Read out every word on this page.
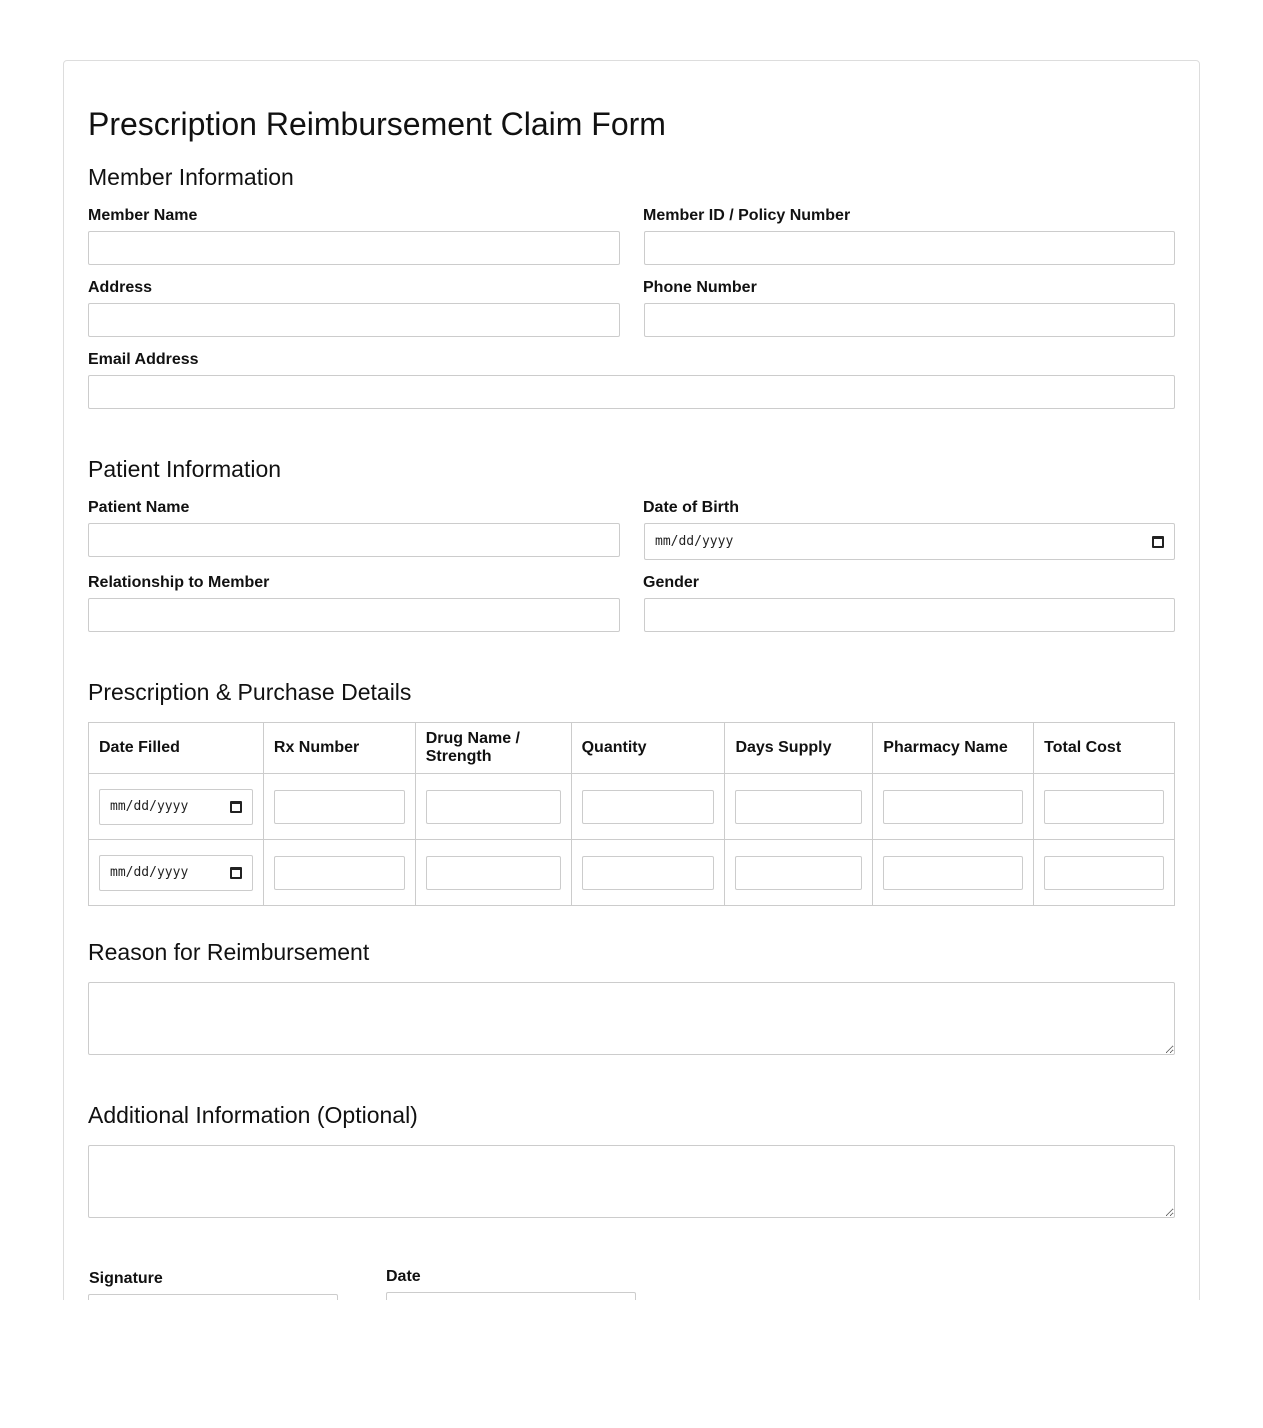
Prescription Reimbursement Claim Form
Member Information
Member Name	Member ID / Policy Number
Address	Phone Number
Email Address
Patient Information
Patient Name	Date of Birth
mm/dd/yyyy
Relationship to Member	Gender
Prescription & Purchase Details
Date Filled	Rx Number	Drug Name / Strength	Quantity	Days Supply	Pharmacy Name	Total Cost

mm/dd/yyyy						

mm/dd/yyyy						

Reason for Reimbursement
Additional Information (Optional)
Signature	Date
